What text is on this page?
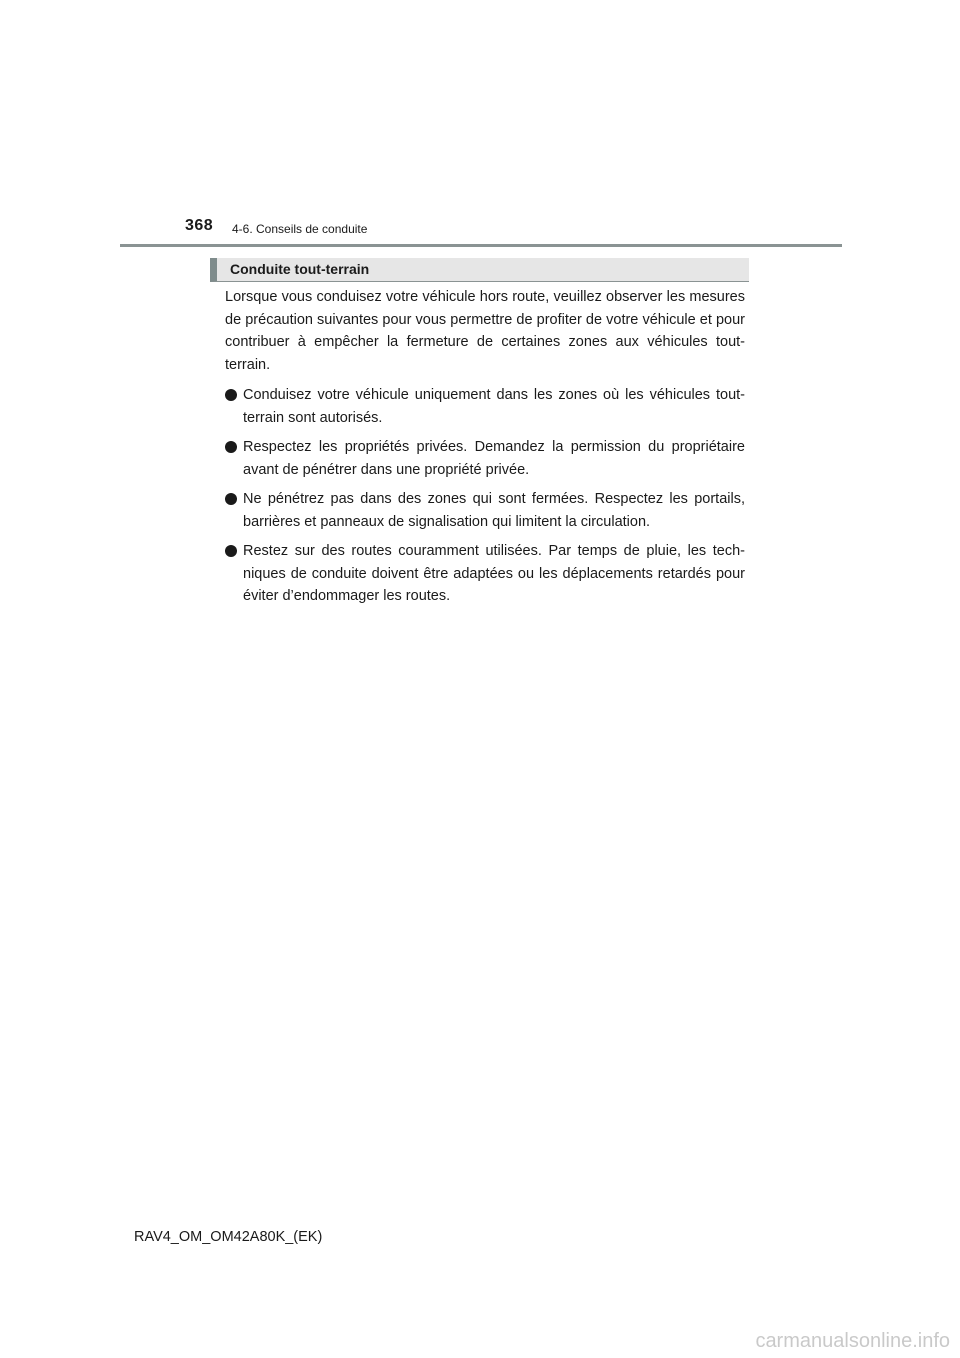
368 4-6. Conseils de conduite
Conduite tout-terrain

Lorsque vous conduisez votre véhicule hors route, veuillez observer les mesures de précaution suivantes pour vous permettre de profiter de votre véhicule et pour contribuer à empêcher la fermeture de certaines zones aux véhicules tout-terrain.

Conduisez votre véhicule uniquement dans les zones où les véhicules tout-terrain sont autorisés.
Respectez les propriétés privées. Demandez la permission du propriétaire avant de pénétrer dans une propriété privée.
Ne pénétrez pas dans des zones qui sont fermées. Respectez les portails, barrières et panneaux de signalisation qui limitent la circulation.
Restez sur des routes couramment utilisées. Par temps de pluie, les tech-niques de conduite doivent être adaptées ou les déplacements retardés pour éviter d’endommager les routes.
RAV4_OM_OM42A80K_(EK)
carmanualsonline.info
